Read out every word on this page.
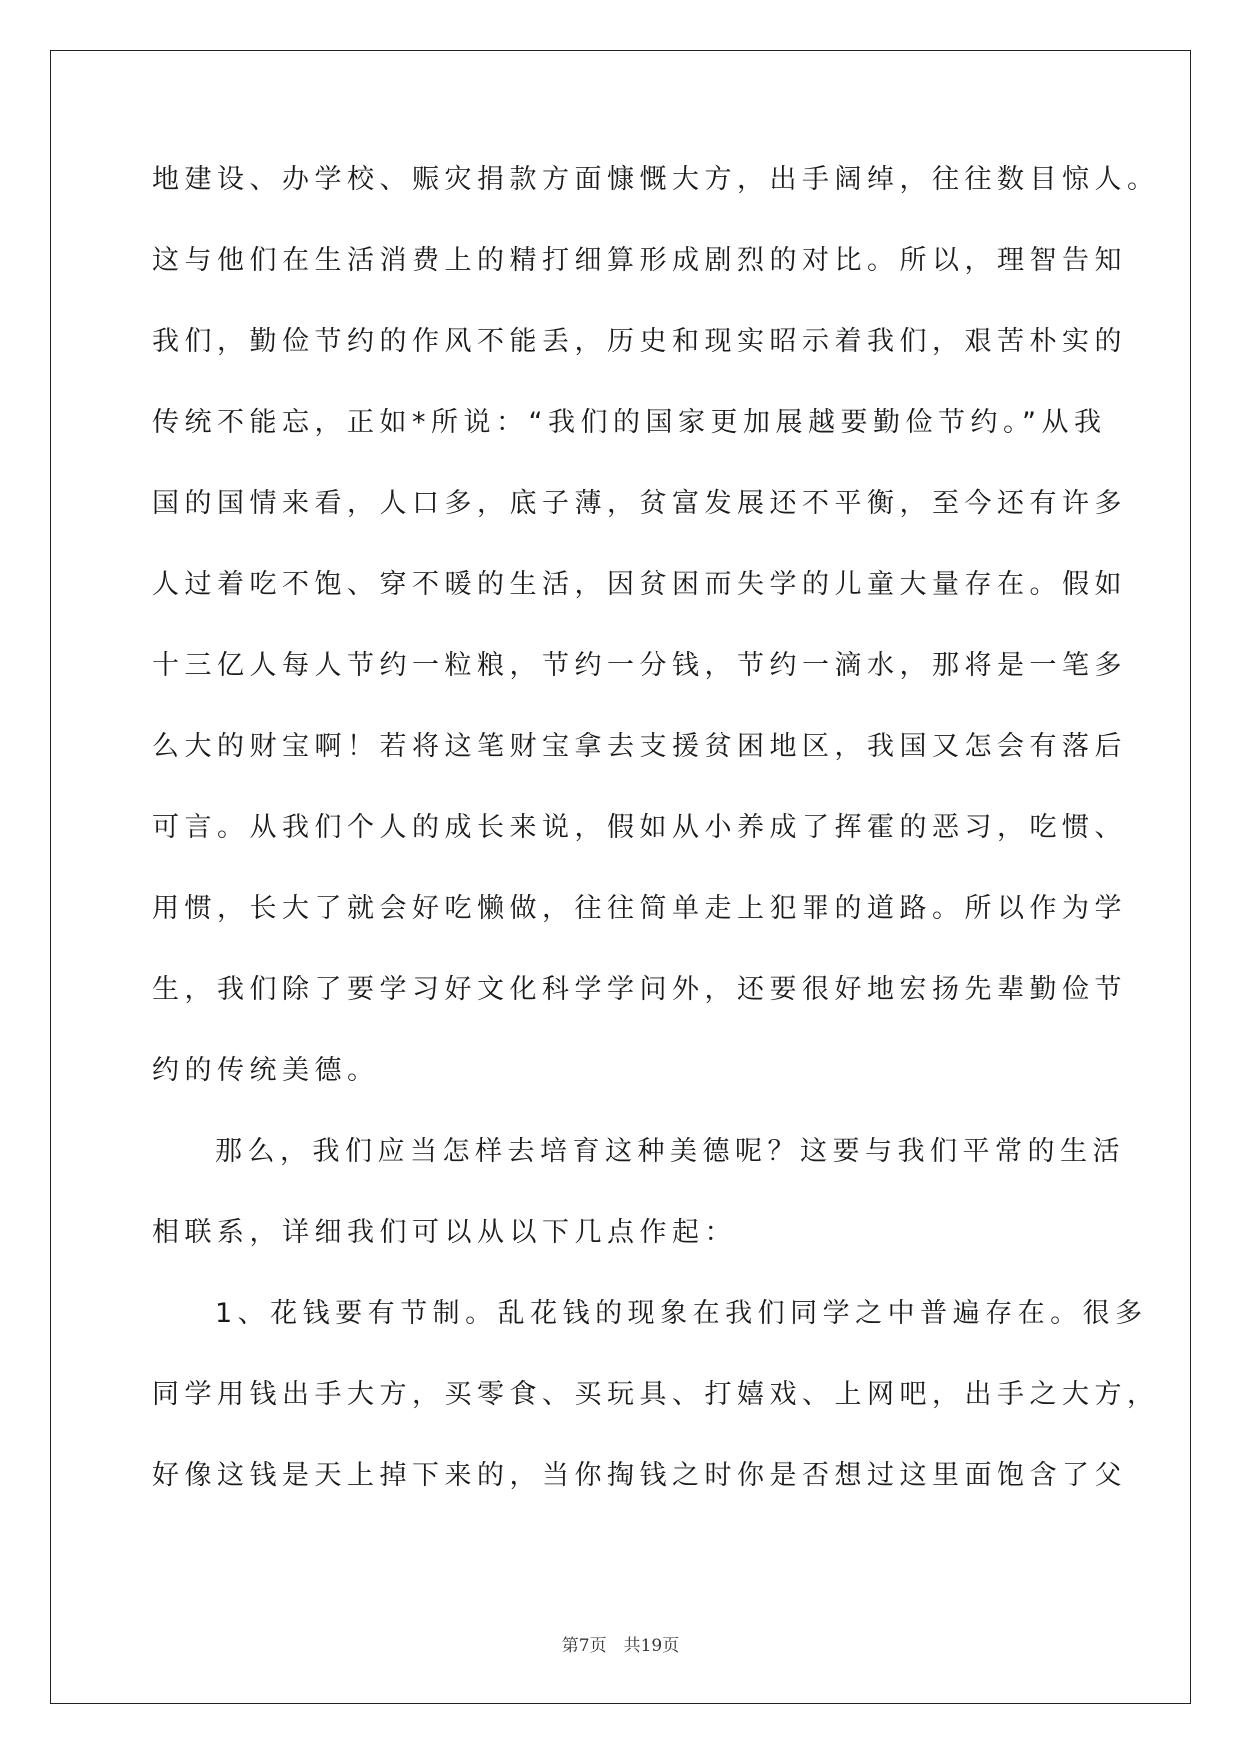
地建设、办学校、赈灾捐款方面慷慨大方，出手阔绰，往往数目惊人。
这与他们在生活消费上的精打细算形成剧烈的对比。所以，理智告知
我们，勤俭节约的作风不能丢，历史和现实昭示着我们，艰苦朴实的
传统不能忘，正如*所说：“我们的国家更加展越要勤俭节约。”从我
国的国情来看，人口多，底子薄，贫富发展还不平衡，至今还有许多
人过着吃不饱、穿不暖的生活，因贫困而失学的儿童大量存在。假如
十三亿人每人节约一粒粮，节约一分钱，节约一滴水，那将是一笔多
么大的财宝啊！若将这笔财宝拿去支援贫困地区，我国又怎会有落后
可言。从我们个人的成长来说，假如从小养成了挥霍的恶习，吃惯、
用惯，长大了就会好吃懒做，往往简单走上犯罪的道路。所以作为学
生，我们除了要学习好文化科学学问外，还要很好地宏扬先辈勤俭节
约的传统美德。
那么，我们应当怎样去培育这种美德呢？这要与我们平常的生活
相联系，详细我们可以从以下几点作起：
1、花钱要有节制。乱花钱的现象在我们同学之中普遍存在。很多
同学用钱出手大方，买零食、买玩具、打嬉戏、上网吧，出手之大方，
好像这钱是天上掉下来的，当你掏钱之时你是否想过这里面饱含了父
第7页　共19页
